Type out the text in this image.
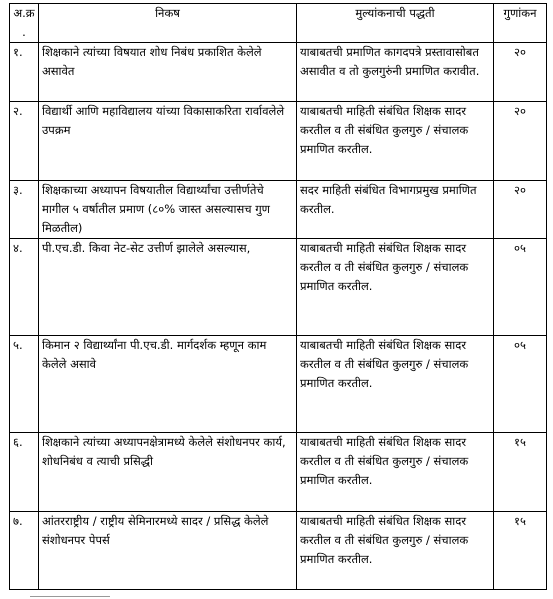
अ.क्र.	निकष	मुल्यांकनाची पद्धती	गुणांकन
१.	शिक्षकाने त्यांच्या विषयात शोध निबंध प्रकाशित केलेले असावेत	याबाबतची प्रमाणित कागदपत्रे प्रस्तावासोबत असावीत व तो कुलगुरुंनी प्रमाणित करावीत.	२०
२.	विद्यार्थी आणि महाविद्यालय यांच्या विकासाकरिता रार्वावलेले उपक्रम	याबाबतची माहिती संबंधित शिक्षक सादर करतील व ती संबंधित कुलगुरु / संचालक प्रमाणित करतील.	२०
३.	शिक्षकाच्या अध्यापन विषयातील विद्यार्थ्यांचा उत्तीर्णतेचे मागील ५ वर्षातील प्रमाण (८०% जास्त असल्यासच गुण मिळतील)	सदर माहिती संबंधित विभागप्रमुख प्रमाणित करतील.	२०
४.	पी.एच.डी. किवा नेट-सेट उत्तीर्ण झालेले असल्यास,	याबाबतची माहिती संबंधित शिक्षक सादर करतील व ती संबंधित कुलगुरु / संचालक प्रमाणित करतील.	०५
५.	किमान २ विद्यार्थ्यांना पी.एच.डी. मार्गदर्शक म्हणून काम केलेले असावे	याबाबतची माहिती संबंधित शिक्षक सादर करतील व ती संबंधित कुलगुरु / संचालक प्रमाणित करतील.	०५
६.	शिक्षकाने त्यांच्या अध्यापनक्षेत्रामध्ये केलेले संशोधनपर कार्य, शोधनिबंध व त्याची प्रसिद्धी	याबाबतची माहिती संबंधित शिक्षक सादर करतील व ती संबंधित कुलगुरु / संचालक प्रमाणित करतील.	१५
७.	आंतरराष्ट्रीय / राष्ट्रीय सेमिनारमध्ये सादर / प्रसिद्ध केलेले संशोधनपर पेपर्स	याबाबतची माहिती संबंधित शिक्षक सादर करतील व ती संबंधित कुलगुरु / संचालक प्रमाणित करतील.	१५
